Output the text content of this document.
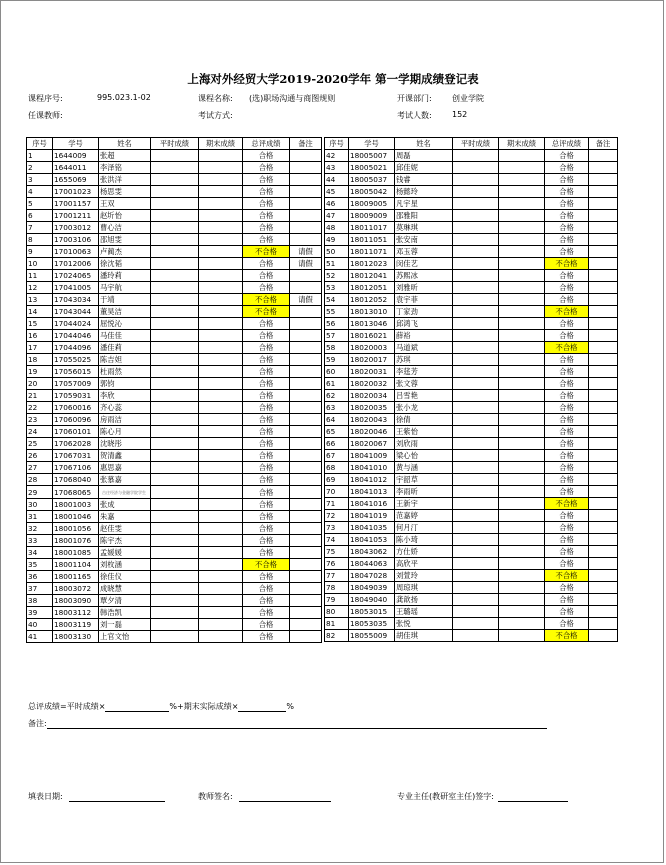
上海对外经贸大学2019-2020学年 第一学期成绩登记表
课程序号:	995.023.1-02	课程名称: (选)职场沟通与商图规则	开课部门:	创业学院
任课教师:	考试方式:	考试人数:	152
序号	学号	姓名	平时成绩	期末成绩	总评成绩	备注
1	1644009	张超			合格	
2	1644011	李泽铭			合格	
3	1655069	张洪洋			合格	
4	17001023	杨思雯			合格	
5	17001157	王双			合格	
6	17001211	赵圻怡			合格	
7	17003012	曹心洁			合格	
8	17003106	邵旭雯			合格	
9	17010063	卢蔺杰			不合格	请假
10	17012006	徐沈韬			合格	请假
11	17024065	潘玲莉			合格	
12	17041005	马宇航			合格	
13	17043034	于靖			不合格	请假
14	17043044	董昊洁			不合格	
15	17044024	屈悦沁			合格	
16	17044046	马佳佳			合格	
17	17044096	潘佳莉			合格	
18	17055025	陈吉妲			合格	
19	17056015	杜雨然			合格	
20	17057009	郭钧			合格	
21	17059031	李欣			合格	
22	17060016	齐心蕊			合格	
23	17060096	房雨洁			合格	
24	17060101	陈心月			合格	
25	17062028	沈晓彤			合格	
26	17067031	贺清鑫			合格	
27	17067106	惠思嘉			合格	
28	17068040	张慕嘉			合格	
29	17068065	古庄经济与金融学院学生			合格	
30	18001003	张成			合格	
31	18001046	朱嘉			合格	
32	18001056	赵佳雯			合格	
33	18001076	陈宇杰			合格	
34	18001085	孟媛媛			合格	
35	18001104	刘枚涵			不合格	
36	18001165	徐佳仪			合格	
37	18003072	成晓慧			合格	
38	18003090	覃夕清			合格	
39	18003112	韩浩凯			合格	
40	18003119	刘一磊			合格	
41	18003130	上官文怡			合格	
序号	学号	姓名	平时成绩	期末成绩	总评成绩	备注
42	18005007	周磊			合格	
43	18005021	邱佳妮			合格	
44	18005037	钱睿			合格	
45	18005042	杨懿玲			合格	
46	18009005	凡宇星			合格	
47	18009009	邵雅阳			合格	
48	18011017	莫琳琪			合格	
49	18011051	张安南			合格	
50	18011071	邓玉蓉			合格	
51	18012023	闵佳艺			不合格	
52	18012041	苏熙冰			合格	
53	18012051	刘雅昕			合格	
54	18012052	袁宇菲			合格	
55	18013010	丁家劲			不合格	
56	18013046	邱鸿飞			合格	
57	18016021	薛裕			合格	
58	18020003	马道斌			不合格	
59	18020017	苏琪			合格	
60	18020031	李莛芳			合格	
61	18020032	张文蓉			合格	
62	18020034	吕雪艳			合格	
63	18020035	张小龙			合格	
64	18020043	徐倩			合格	
65	18020046	王紫怡			合格	
66	18020067	刘欣雨			合格	
67	18041009	梁心怡			合格	
68	18041010	黄与涵			合格	
69	18041012	宇韶草			合格	
70	18041013	李雨昕			合格	
71	18041016	王新宇			不合格	
72	18041019	范嘉婷			合格	
73	18041035	何月汀			合格	
74	18041053	陈小琦			合格	
75	18043062	方仕娇			合格	
76	18044063	高欣平			合格	
77	18047028	刘萱玲			不合格	
78	18049039	周琼琪			合格	
79	18049040	龚歆扬			合格	
80	18053015	王璐瑶			合格	
81	18053035	张悦			合格	
82	18055009	胡佳琪			不合格	
总评成绩=平时成绩×	%+期末实际成绩×	%
备注:
填表日期:	教师签名:	专业主任(教研室主任)签字:
